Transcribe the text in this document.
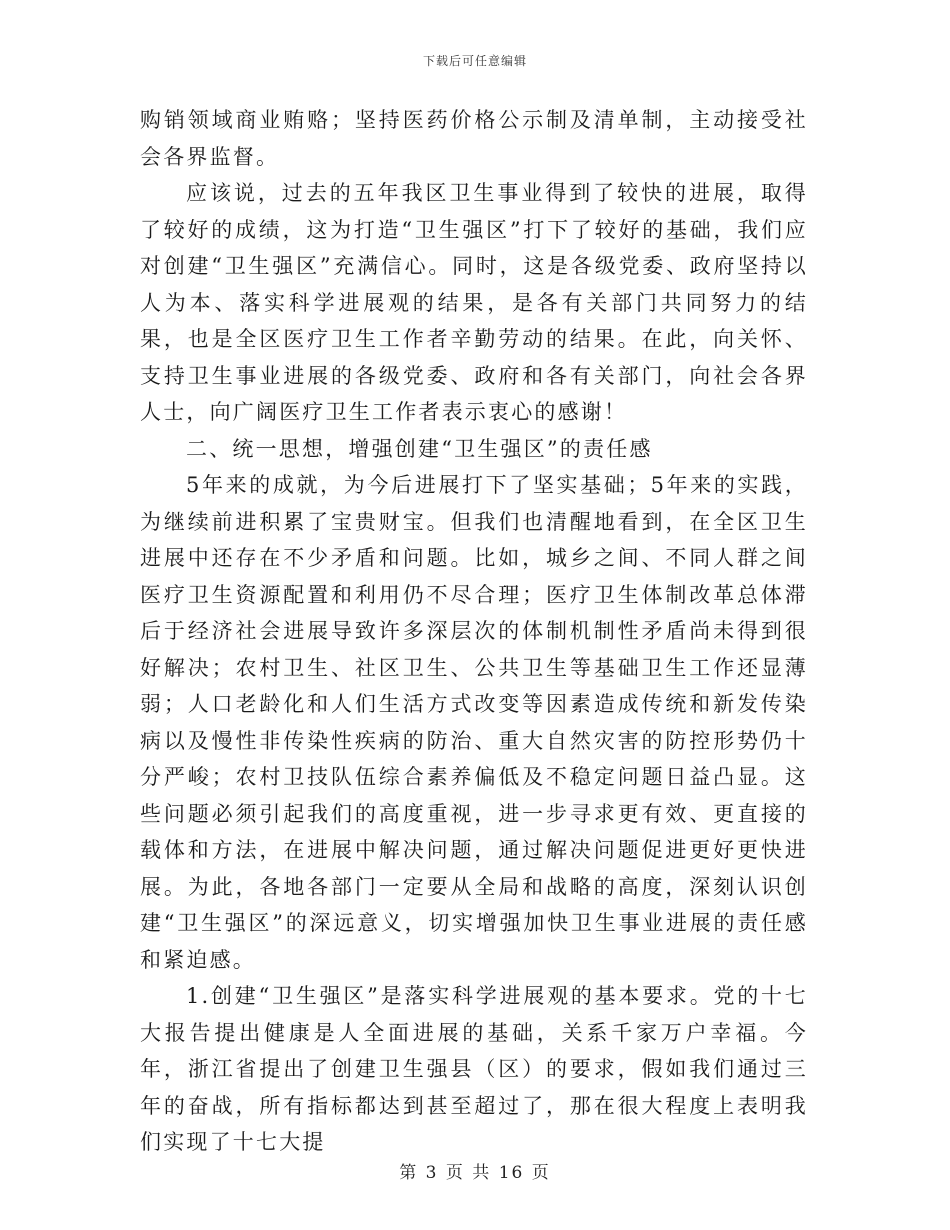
下载后可任意编辑

购销领域商业贿赂；坚持医药价格公示制及清单制，主动接受社会各界监督。

应该说，过去的五年我区卫生事业得到了较快的进展，取得了较好的成绩，这为打造“卫生强区”打下了较好的基础，我们应对创建“卫生强区”充满信心。同时，这是各级党委、政府坚持以人为本、落实科学进展观的结果，是各有关部门共同努力的结果，也是全区医疗卫生工作者辛勤劳动的结果。在此，向关怀、支持卫生事业进展的各级党委、政府和各有关部门，向社会各界人士，向广阔医疗卫生工作者表示衷心的感谢！

二、统一思想，增强创建“卫生强区”的责任感

5年来的成就，为今后进展打下了坚实基础；5年来的实践，为继续前进积累了宝贵财宝。但我们也清醒地看到，在全区卫生进展中还存在不少矛盾和问题。比如，城乡之间、不同人群之间医疗卫生资源配置和利用仍不尽合理；医疗卫生体制改革总体滞后于经济社会进展导致许多深层次的体制机制性矛盾尚未得到很好解决；农村卫生、社区卫生、公共卫生等基础卫生工作还显薄弱；人口老龄化和人们生活方式改变等因素造成传统和新发传染病以及慢性非传染性疾病的防治、重大自然灾害的防控形势仍十分严峻；农村卫技队伍综合素养偏低及不稳定问题日益凸显。这些问题必须引起我们的高度重视，进一步寻求更有效、更直接的载体和方法，在进展中解决问题，通过解决问题促进更好更快进展。为此，各地各部门一定要从全局和战略的高度，深刻认识创建“卫生强区”的深远意义，切实增强加快卫生事业进展的责任感和紧迫感。

1.创建“卫生强区”是落实科学进展观的基本要求。党的十七大报告提出健康是人全面进展的基础，关系千家万户幸福。今年，浙江省提出了创建卫生强县（区）的要求，假如我们通过三年的奋战，所有指标都达到甚至超过了，那在很大程度上表明我们实现了十七大提

第 3 页 共 16 页
